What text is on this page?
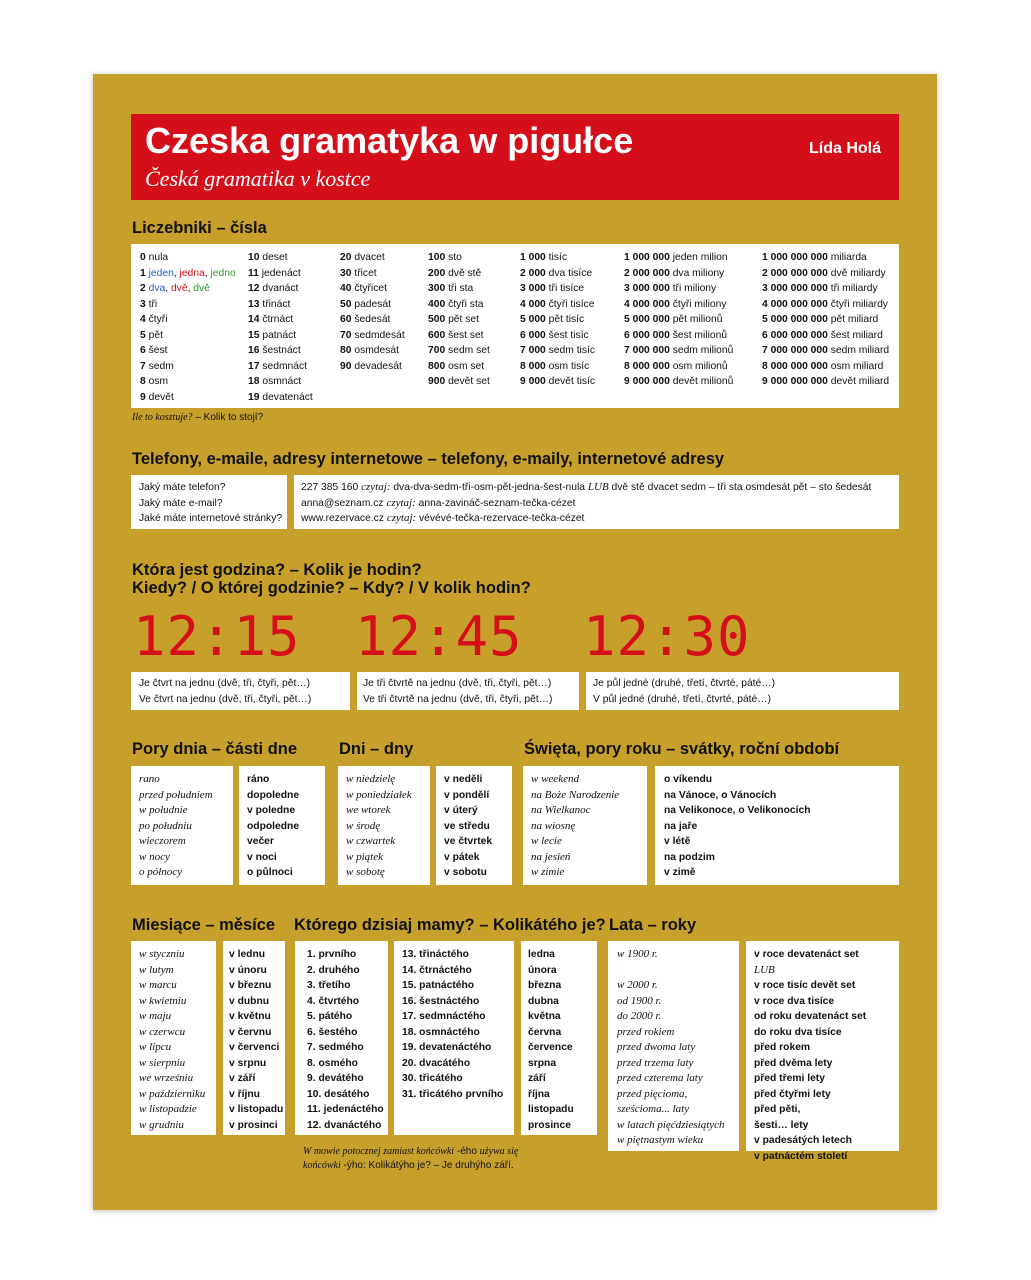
Czeska gramatyka w pigułce
Česká gramatika v kostce
Lída Holá
Liczebniki – čísla
0 nula
1 jeden, jedna, jedno
2 dva, dvě, dvě
3 tři
4 čtyři
5 pět
6 šest
7 sedm
8 osm
9 devět
10 deset
11 jedenáct
12 dvanáct
13 třináct
14 čtrnáct
15 patnáct
16 šestnáct
17 sedmnáct
18 osmnáct
19 devatenáct
20 dvacet
30 třicet
40 čtyřicet
50 padesát
60 šedesát
70 sedmdesát
80 osmdesát
90 devadesát
100 sto
200 dvě stě
300 tři sta
400 čtyři sta
500 pět set
600 šest set
700 sedm set
800 osm set
900 devět set
1 000 tisíc
2 000 dva tisíce
3 000 tři tisíce
4 000 čtyři tisíce
5 000 pět tisíc
6 000 šest tisíc
7 000 sedm tisíc
8 000 osm tisíc
9 000 devět tisíc
1 000 000 jeden milion
2 000 000 dva miliony
3 000 000 tři miliony
4 000 000 čtyři miliony
5 000 000 pět milionů
6 000 000 šest milionů
7 000 000 sedm milionů
8 000 000 osm milionů
9 000 000 devět milionů
1 000 000 000 miliarda
2 000 000 000 dvě miliardy
3 000 000 000 tři miliardy
4 000 000 000 čtyři miliardy
5 000 000 000 pět miliard
6 000 000 000 šest miliard
7 000 000 000 sedm miliard
8 000 000 000 osm miliard
9 000 000 000 devět miliard
Ile to kosztuje? – Kolik to stojí?
Telefony, e-maile, adresy internetowe – telefony, e-maily, internetové adresy
Jaký máte telefon?
Jaký máte e-mail?
Jaké máte internetové stránky?
227 385 160 czytaj: dva-dva-sedm-tři-osm-pět-jedna-šest-nula LUB dvě stě dvacet sedm – tři sta osmdesát pět – sto šedesát
anna@seznam.cz czytaj: anna-zavináč-seznam-tečka-cézet
www.rezervace.cz czytaj: vévévé-tečka-rezervace-tečka-cézet
Która jest godzina? – Kolik je hodin?
Kiedy? / O której godzinie? – Kdy? / V kolik hodin?
12:15 12:45 12:30
Je čtvrt na jednu (dvě, tři, čtyři, pět…)
Ve čtvrt na jednu (dvě, tři, čtyři, pět…)
Je tři čtvrtě na jednu (dvě, tři, čtyři, pět…)
Ve tři čtvrtě na jednu (dvě, tři, čtyři, pět…)
Je půl jedné (druhé, třetí, čtvrté, páté…)
V půl jedné (druhé, třetí, čtvrté, páté…)
Pory dnia – části dne	Dni – dny	Święta, pory roku – svátky, roční období
rano
przed południem
w południe
po południu
wieczorem
w nocy
o północy
ráno
dopoledne
v poledne
odpoledne
večer
v noci
o půlnoci
w niedzielę
w poniedziałek
we wtorek
w środę
w czwartek
w piątek
w sobotę
v neděli
v pondělí
v úterý
ve středu
ve čtvrtek
v pátek
v sobotu
w weekend
na Boże Narodzenie
na Wielkanoc
na wiosnę
w lecie
na jesień
w zimie
o víkendu
na Vánoce, o Vánocích
na Velikonoce, o Velikonocích
na jaře
v létě
na podzim
v zimě
Miesiące – měsíce Którego dzisiaj mamy? – Kolikátého je? Lata – roky
w styczniu
w lutym
w marcu
w kwietniu
w maju
w czerwcu
w lipcu
w sierpniu
we wrześniu
w październiku
w listopadzie
w grudniu
v lednu
v únoru
v březnu
v dubnu
v květnu
v červnu
v červenci
v srpnu
v září
v říjnu
v listopadu
v prosinci
1. prvního
2. druhého
3. třetího
4. čtvrtého
5. pátého
6. šestého
7. sedmého
8. osmého
9. devátého
10. desátého
11. jedenáctého
12. dvanáctého
13. třináctého
14. čtrnáctého
15. patnáctého
16. šestnáctého
17. sedmnáctého
18. osmnáctého
19. devatenáctého
20. dvacátého
30. třicátého
31. třicátého prvního
ledna
února
března
dubna
května
června
července
srpna
září
října
listopadu
prosince
w 1900 r.
w 2000 r.
od 1900 r.
do 2000 r.
przed rokiem
przed dwoma laty
przed trzema laty
przed czterema laty
przed pięcioma,
sześcioma... laty
w latach pięćdziesiątych
w piętnastym wieku
v roce devatenáct set
LUB
v roce tisíc devět set
v roce dva tisíce
od roku devatenáct set
do roku dva tisíce
před rokem
před dvěma lety
před třemi lety
před čtyřmi lety
před pěti,
šesti… lety
v padesátých letech
v patnáctém století
W mowie potocznej zamiast końcówki -ého używa się
końcówki -ýho: Kolikátýho je? – Je druhýho září.
